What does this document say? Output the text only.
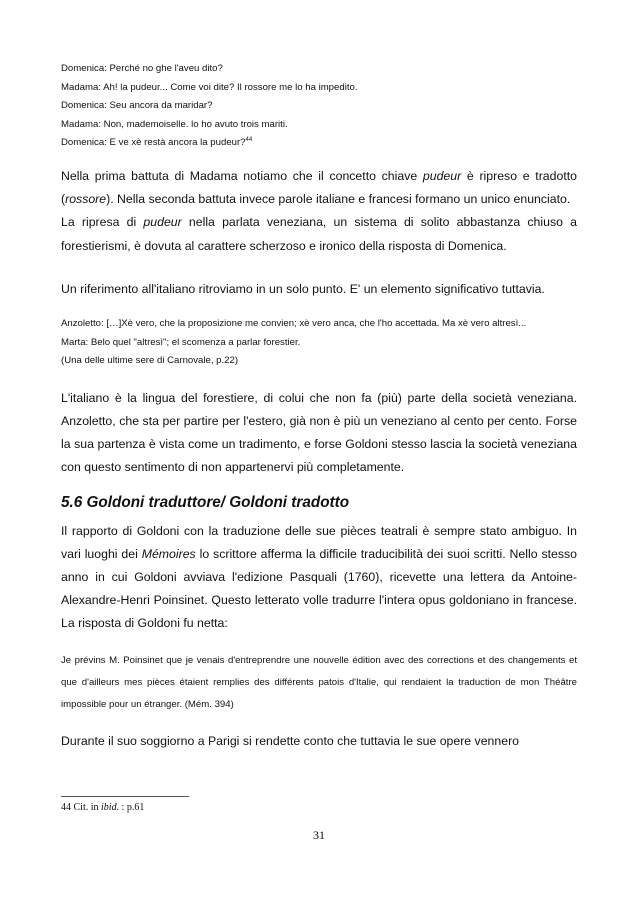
Domenica: Perché no ghe l'aveu dito?

Madama: Ah! la pudeur... Come voi dite? Il rossore me lo ha impedito.

Domenica: Seu ancora da maridar?

Madama: Non, mademoiselle. lo ho avuto trois mariti.

Domenica: E ve xè restà ancora la pudeur?$^{44}$

Nella prima battuta di Madama notiamo che il concetto chiave pudeur è ripreso e tradotto (rossore). Nella seconda battuta invece parole italiane e francesi formano un unico enunciato.

La ripresa di pudeur nella parlata veneziana, un sistema di solito abbastanza chiuso a forestierismi, è dovuta al carattere scherzoso e ironico della risposta di Domenica.

Un riferimento all'italiano ritroviamo in un solo punto. E' un elemento significativo tuttavia.

Anzoletto: […]Xè vero, che la proposizione me convien; xè vero anca, che l'ho accettada. Ma xè vero altresì...

Marta: Belo quel "altresì"; el scomenza a parlar forestier.

(Una delle ultime sere di Carnovale, p.22)

L'italiano è la lingua del forestiere, di colui che non fa (più) parte della società veneziana. Anzoletto, che sta per partire per l'estero, già non è più un veneziano al cento per cento. Forse la sua partenza è vista come un tradimento, e forse Goldoni stesso lascia la società veneziana con questo sentimento di non appartenervi più completamente.

5.6 Goldoni traduttore/ Goldoni tradotto

Il rapporto di Goldoni con la traduzione delle sue pièces teatrali è sempre stato ambiguo. In vari luoghi dei Mémoires lo scrittore afferma la difficile traducibilità dei suoi scritti. Nello stesso anno in cui Goldoni avviava l'edizione Pasquali (1760), ricevette una lettera da Antoine-Alexandre-Henri Poinsinet. Questo letterato volle tradurre l'intera opus goldoniano in francese. La risposta di Goldoni fu netta:

Je prévins M. Poinsinet que je venais d'entreprendre une nouvelle édition avec des corrections et des changements et que d'ailleurs mes pièces étaient remplies des différents patois d'Italie, qui rendaient la traduction de mon Théâtre impossible pour un étranger. (Mém. 394)

Durante il suo soggiorno a Parigi si rendette conto che tuttavia le sue opere vennero

44 Cit. in ibid. : p.61
31
